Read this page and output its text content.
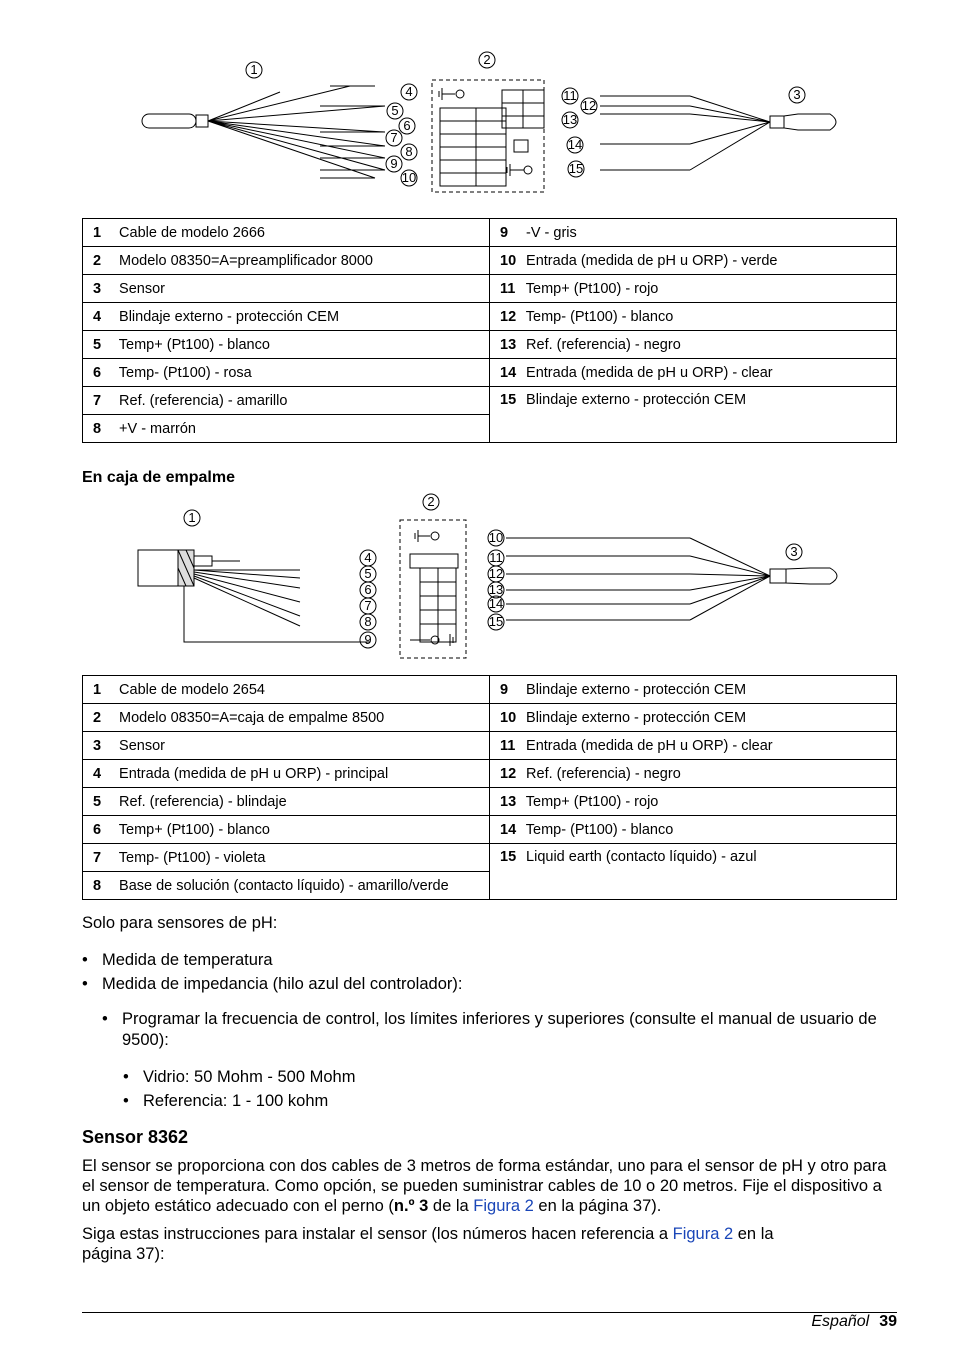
1
2
3
4
5
6
7
8
9
10
11
12
13
14
15
1 Cable de modelo 2666	9 -V - gris
2 Modelo 08350=A=preamplificador 8000	10 Entrada (medida de pH u ORP) - verde
3 Sensor	11 Temp+ (Pt100) - rojo
4 Blindaje externo - protección CEM	12 Temp- (Pt100) - blanco
5 Temp+ (Pt100) - blanco	13 Ref. (referencia) - negro
6 Temp- (Pt100) - rosa	14 Entrada (medida de pH u ORP) - clear
7 Ref. (referencia) - amarillo	15 Blindaje externo - protección CEM
8 +V - marrón	
En caja de empalme
1
2
3
4
5
6
7
8
9
10
11
12
13
14
15
1 Cable de modelo 2654	9 Blindaje externo - protección CEM
2 Modelo 08350=A=caja de empalme 8500	10 Blindaje externo - protección CEM
3 Sensor	11 Entrada (medida de pH u ORP) - clear
4 Entrada (medida de pH u ORP) - principal	12 Ref. (referencia) - negro
5 Ref. (referencia) - blindaje	13 Temp+ (Pt100) - rojo
6 Temp+ (Pt100) - blanco	14 Temp- (Pt100) - blanco
7 Temp- (Pt100) - violeta	15 Liquid earth (contacto líquido) - azul
8 Base de solución (contacto líquido) - amarillo/verde	

Solo para sensores de pH:

• Medida de temperatura
• Medida de impedancia (hilo azul del controlador):
• Programar la frecuencia de control, los límites inferiores y superiores (consulte el manual de usuario de 9500):
• Vidrio: 50 Mohm - 500 Mohm
• Referencia: 1 - 100 kohm
Sensor 8362

El sensor se proporciona con dos cables de 3 metros de forma estándar, uno para el sensor de pH y otro para el sensor de temperatura. Como opción, se pueden suministrar cables de 10 o 20 metros. Fije el dispositivo a un objeto estático adecuado con el perno (n.º 3 de la Figura 2 en la página 37).

Siga estas instrucciones para instalar el sensor (los números hacen referencia a Figura 2 en la página 37):

Español 39
